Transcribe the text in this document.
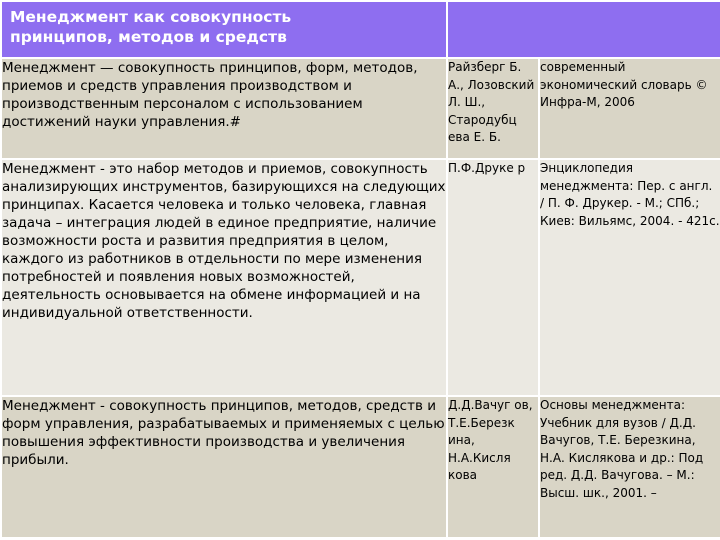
Менеджмент как совокупность
принципов, методов и средств		

Менеджмент — совокупность принципов, форм, методов, приемов и средств управления производством и производственным персоналом с использованием достижений науки управления.#	Райзберг Б. А., Лозовский Л. Ш., Стародубц ева Е. Б.	современный экономический словарь © Инфра-М, 2006
Менеджмент - это набор методов и приемов, совокупность анализирующих инструментов, базирующихся на следующих принципах. Касается человека и только человека, главная задача – интеграция людей в единое предприятие, наличие возможности роста и развития предприятия в целом, каждого из работников в отдельности по мере изменения потребностей и появления новых возможностей, деятельность основывается на обмене информацией и на индивидуальной ответственности.	П.Ф.Друке р	Энциклопедия менеджмента: Пер. с англ. / П. Ф. Друкер. - М.; СПб.; Киев: Вильямс, 2004. - 421с.
Менеджмент - совокупность принципов, методов, средств и форм управления, разрабатываемых и применяемых с целью повышения эффективности производства и увеличения прибыли.	Д.Д.Вачуг ов, Т.Е.Березк ина, Н.А.Кисля кова	Основы менеджмента: Учебник для вузов / Д.Д. Вачугов, Т.Е. Березкина, Н.А. Кислякова и др.: Под ред. Д.Д. Вачугова. – М.: Высш. шк., 2001. –
